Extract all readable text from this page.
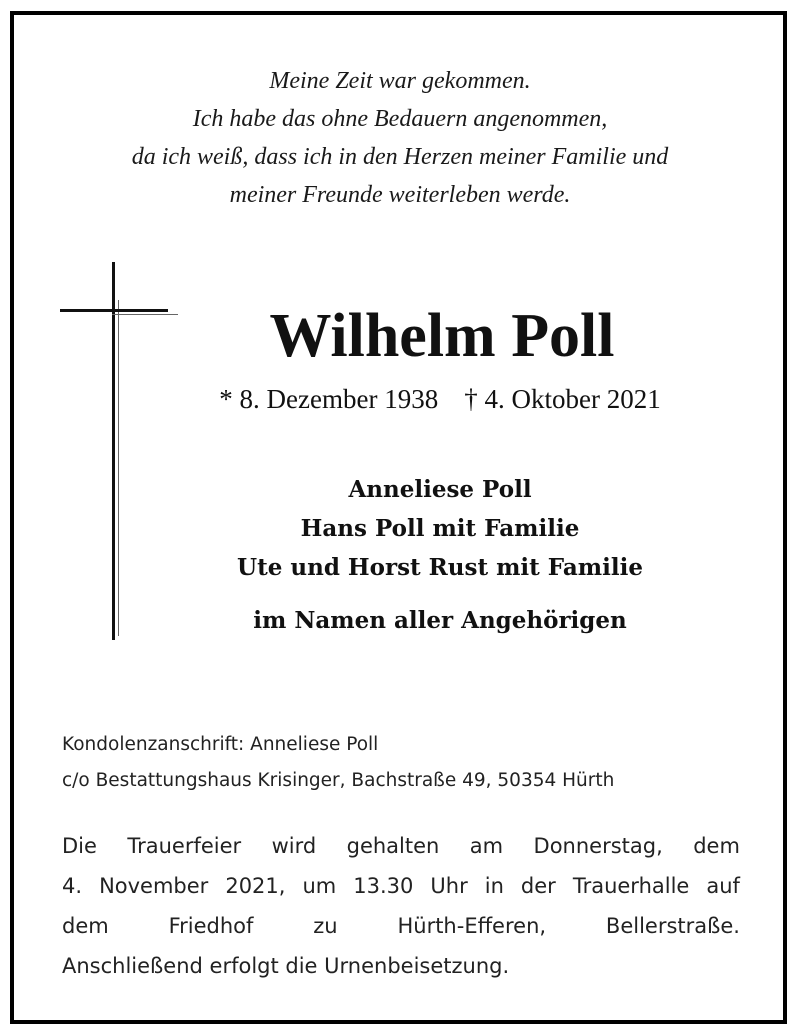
Meine Zeit war gekommen.
Ich habe das ohne Bedauern angenommen,
da ich weiß, dass ich in den Herzen meiner Familie und
meiner Freunde weiterleben werde.
Wilhelm Poll
* 8. Dezember 1938 † 4. Oktober 2021
Anneliese Poll
Hans Poll mit Familie
Ute und Horst Rust mit Familie
im Namen aller Angehörigen
Kondolenzanschrift: Anneliese Poll
c/o Bestattungshaus Krisinger, Bachstraße 49, 50354 Hürth
Die Trauerfeier wird gehalten am Donnerstag, dem
4. November 2021, um 13.30 Uhr in der Trauerhalle auf
dem	Friedhof	zu	Hürth-Efferen,	Bellerstraße.
Anschließend erfolgt die Urnenbeisetzung.
